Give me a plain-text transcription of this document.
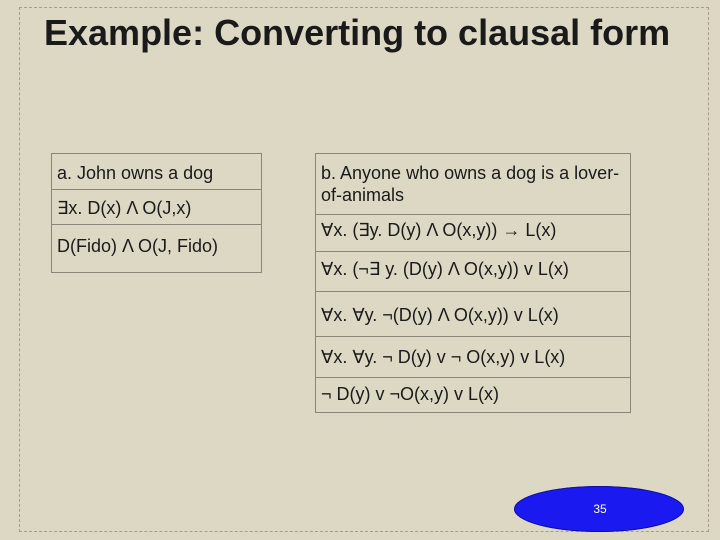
Example: Converting to clausal form
a. John owns a dog
∃x. D(x) Λ O(J,x)
D(Fido) Λ O(J, Fido)
b. Anyone who owns a dog is a lover-of-animals
∀x. (∃y. D(y) Λ O(x,y)) → L(x)
∀x. (¬∃ y. (D(y) Λ O(x,y)) v L(x)
∀x. ∀y. ¬(D(y) Λ O(x,y)) v L(x)
∀x. ∀y. ¬ D(y) v ¬ O(x,y) v L(x)
¬ D(y) v ¬O(x,y) v L(x)
35
